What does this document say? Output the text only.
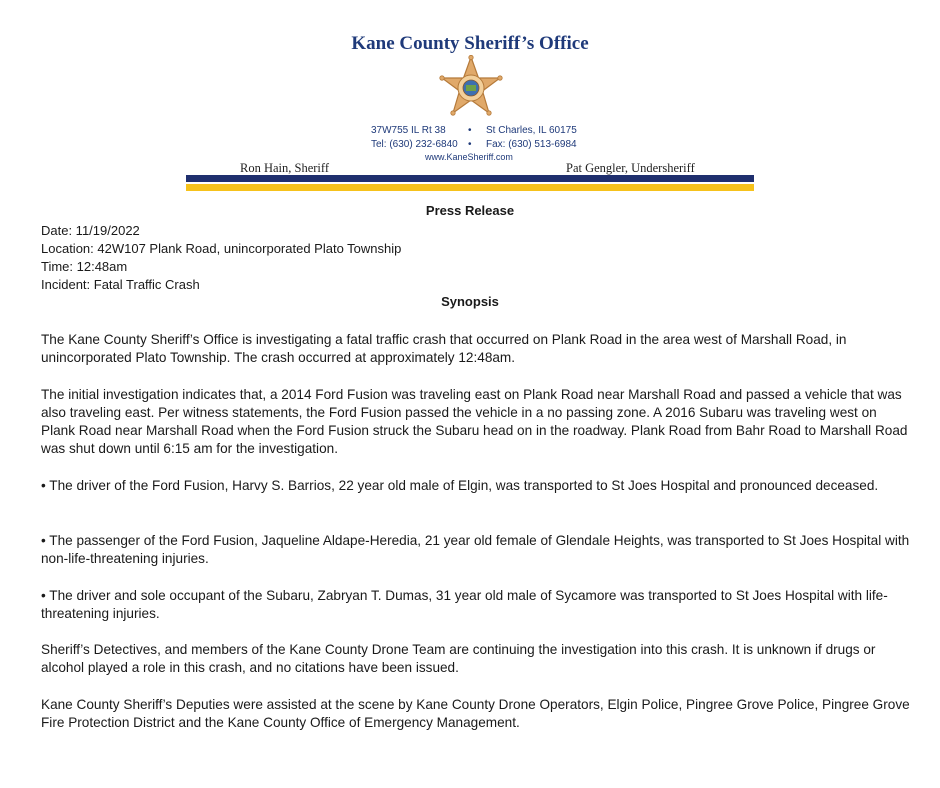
Kane County Sheriff’s Office
37W755 IL Rt 38 • St Charles, IL 60175
Tel: (630) 232-6840 • Fax: (630) 513-6984
www.KaneSheriff.com
Ron Hain, Sheriff	Pat Gengler, Undersheriff
Press Release
Date: 11/19/2022
Location: 42W107 Plank Road, unincorporated Plato Township
Time: 12:48am
Incident: Fatal Traffic Crash
Synopsis

The Kane County Sheriff’s Office is investigating a fatal traffic crash that occurred on Plank Road in the area west of Marshall Road, in unincorporated Plato Township. The crash occurred at approximately 12:48am.

The initial investigation indicates that, a 2014 Ford Fusion was traveling east on Plank Road near Marshall Road and passed a vehicle that was also traveling east. Per witness statements, the Ford Fusion passed the vehicle in a no passing zone. A 2016 Subaru was traveling west on Plank Road near Marshall Road when the Ford Fusion struck the Subaru head on in the roadway. Plank Road from Bahr Road to Marshall Road was shut down until 6:15 am for the investigation.

• The driver of the Ford Fusion, Harvy S. Barrios, 22 year old male of Elgin, was transported to St Joes Hospital and pronounced deceased.

• The passenger of the Ford Fusion, Jaqueline Aldape-Heredia, 21 year old female of Glendale Heights, was transported to St Joes Hospital with non-life-threatening injuries.

• The driver and sole occupant of the Subaru, Zabryan T. Dumas, 31 year old male of Sycamore was transported to St Joes Hospital with life-threatening injuries.

Sheriff’s Detectives, and members of the Kane County Drone Team are continuing the investigation into this crash. It is unknown if drugs or alcohol played a role in this crash, and no citations have been issued.

Kane County Sheriff’s Deputies were assisted at the scene by Kane County Drone Operators, Elgin Police, Pingree Grove Police, Pingree Grove Fire Protection District and the Kane County Office of Emergency Management.
